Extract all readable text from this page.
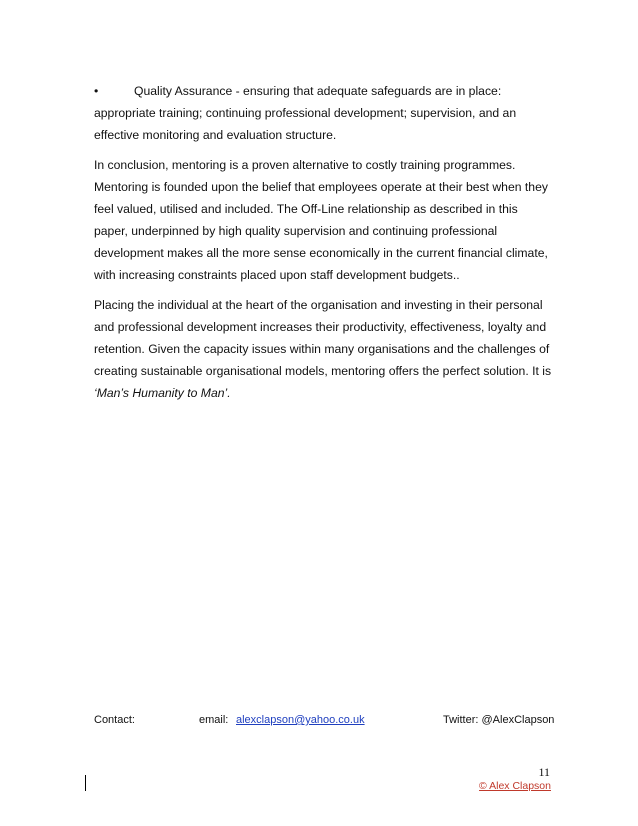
•	Quality Assurance - ensuring that adequate safeguards are in place:

appropriate training; continuing professional development; supervision, and an effective monitoring and evaluation structure.

In conclusion, mentoring is a proven alternative to costly training programmes. Mentoring is founded upon the belief that employees operate at their best when they feel valued, utilised and included. The Off-Line relationship as described in this paper, underpinned by high quality supervision and continuing professional development makes all the more sense economically in the current financial climate, with increasing constraints placed upon staff development budgets..

Placing the individual at the heart of the organisation and investing in their personal and professional development increases their productivity, effectiveness, loyalty and retention. Given the capacity issues within many organisations and the challenges of creating sustainable organisational models, mentoring offers the perfect solution. It is ‘Man’s Humanity to Man’.

Contact:	email: alexclapson@yahoo.co.uk	Twitter: @AlexClapson
11
© Alex Clapson
